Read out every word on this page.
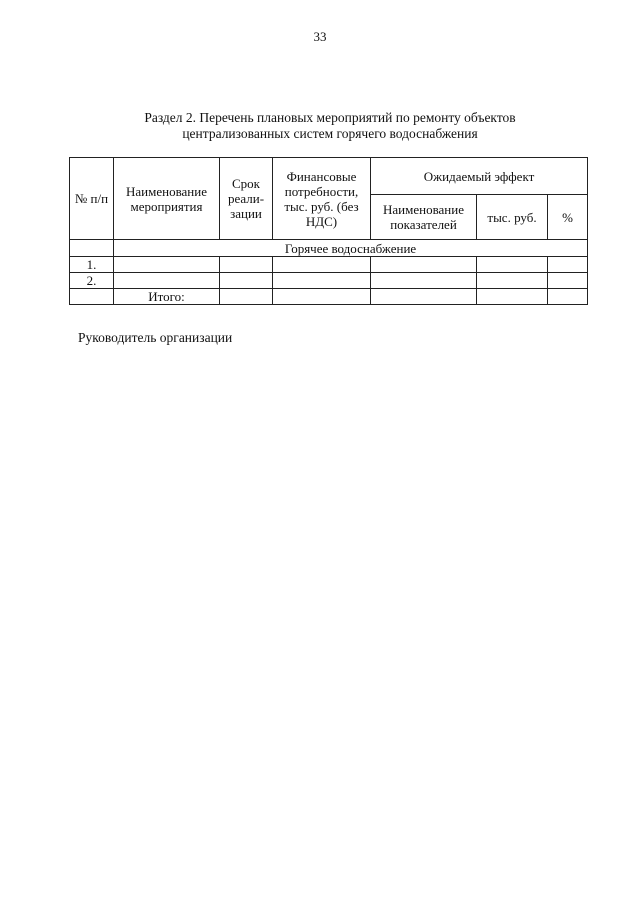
33
Раздел 2. Перечень плановых мероприятий по ремонту объектов
централизованных систем горячего водоснабжения
№ п/п	Наименование мероприятия	Срок реали-зации	Финансовые потребности, тыс. руб. (без НДС)	Ожидаемый эффект		
				Наименование показателей	тыс. руб.	%
	Горячее водоснабжение					
1.						
2.						
	Итого:					
Руководитель организации
